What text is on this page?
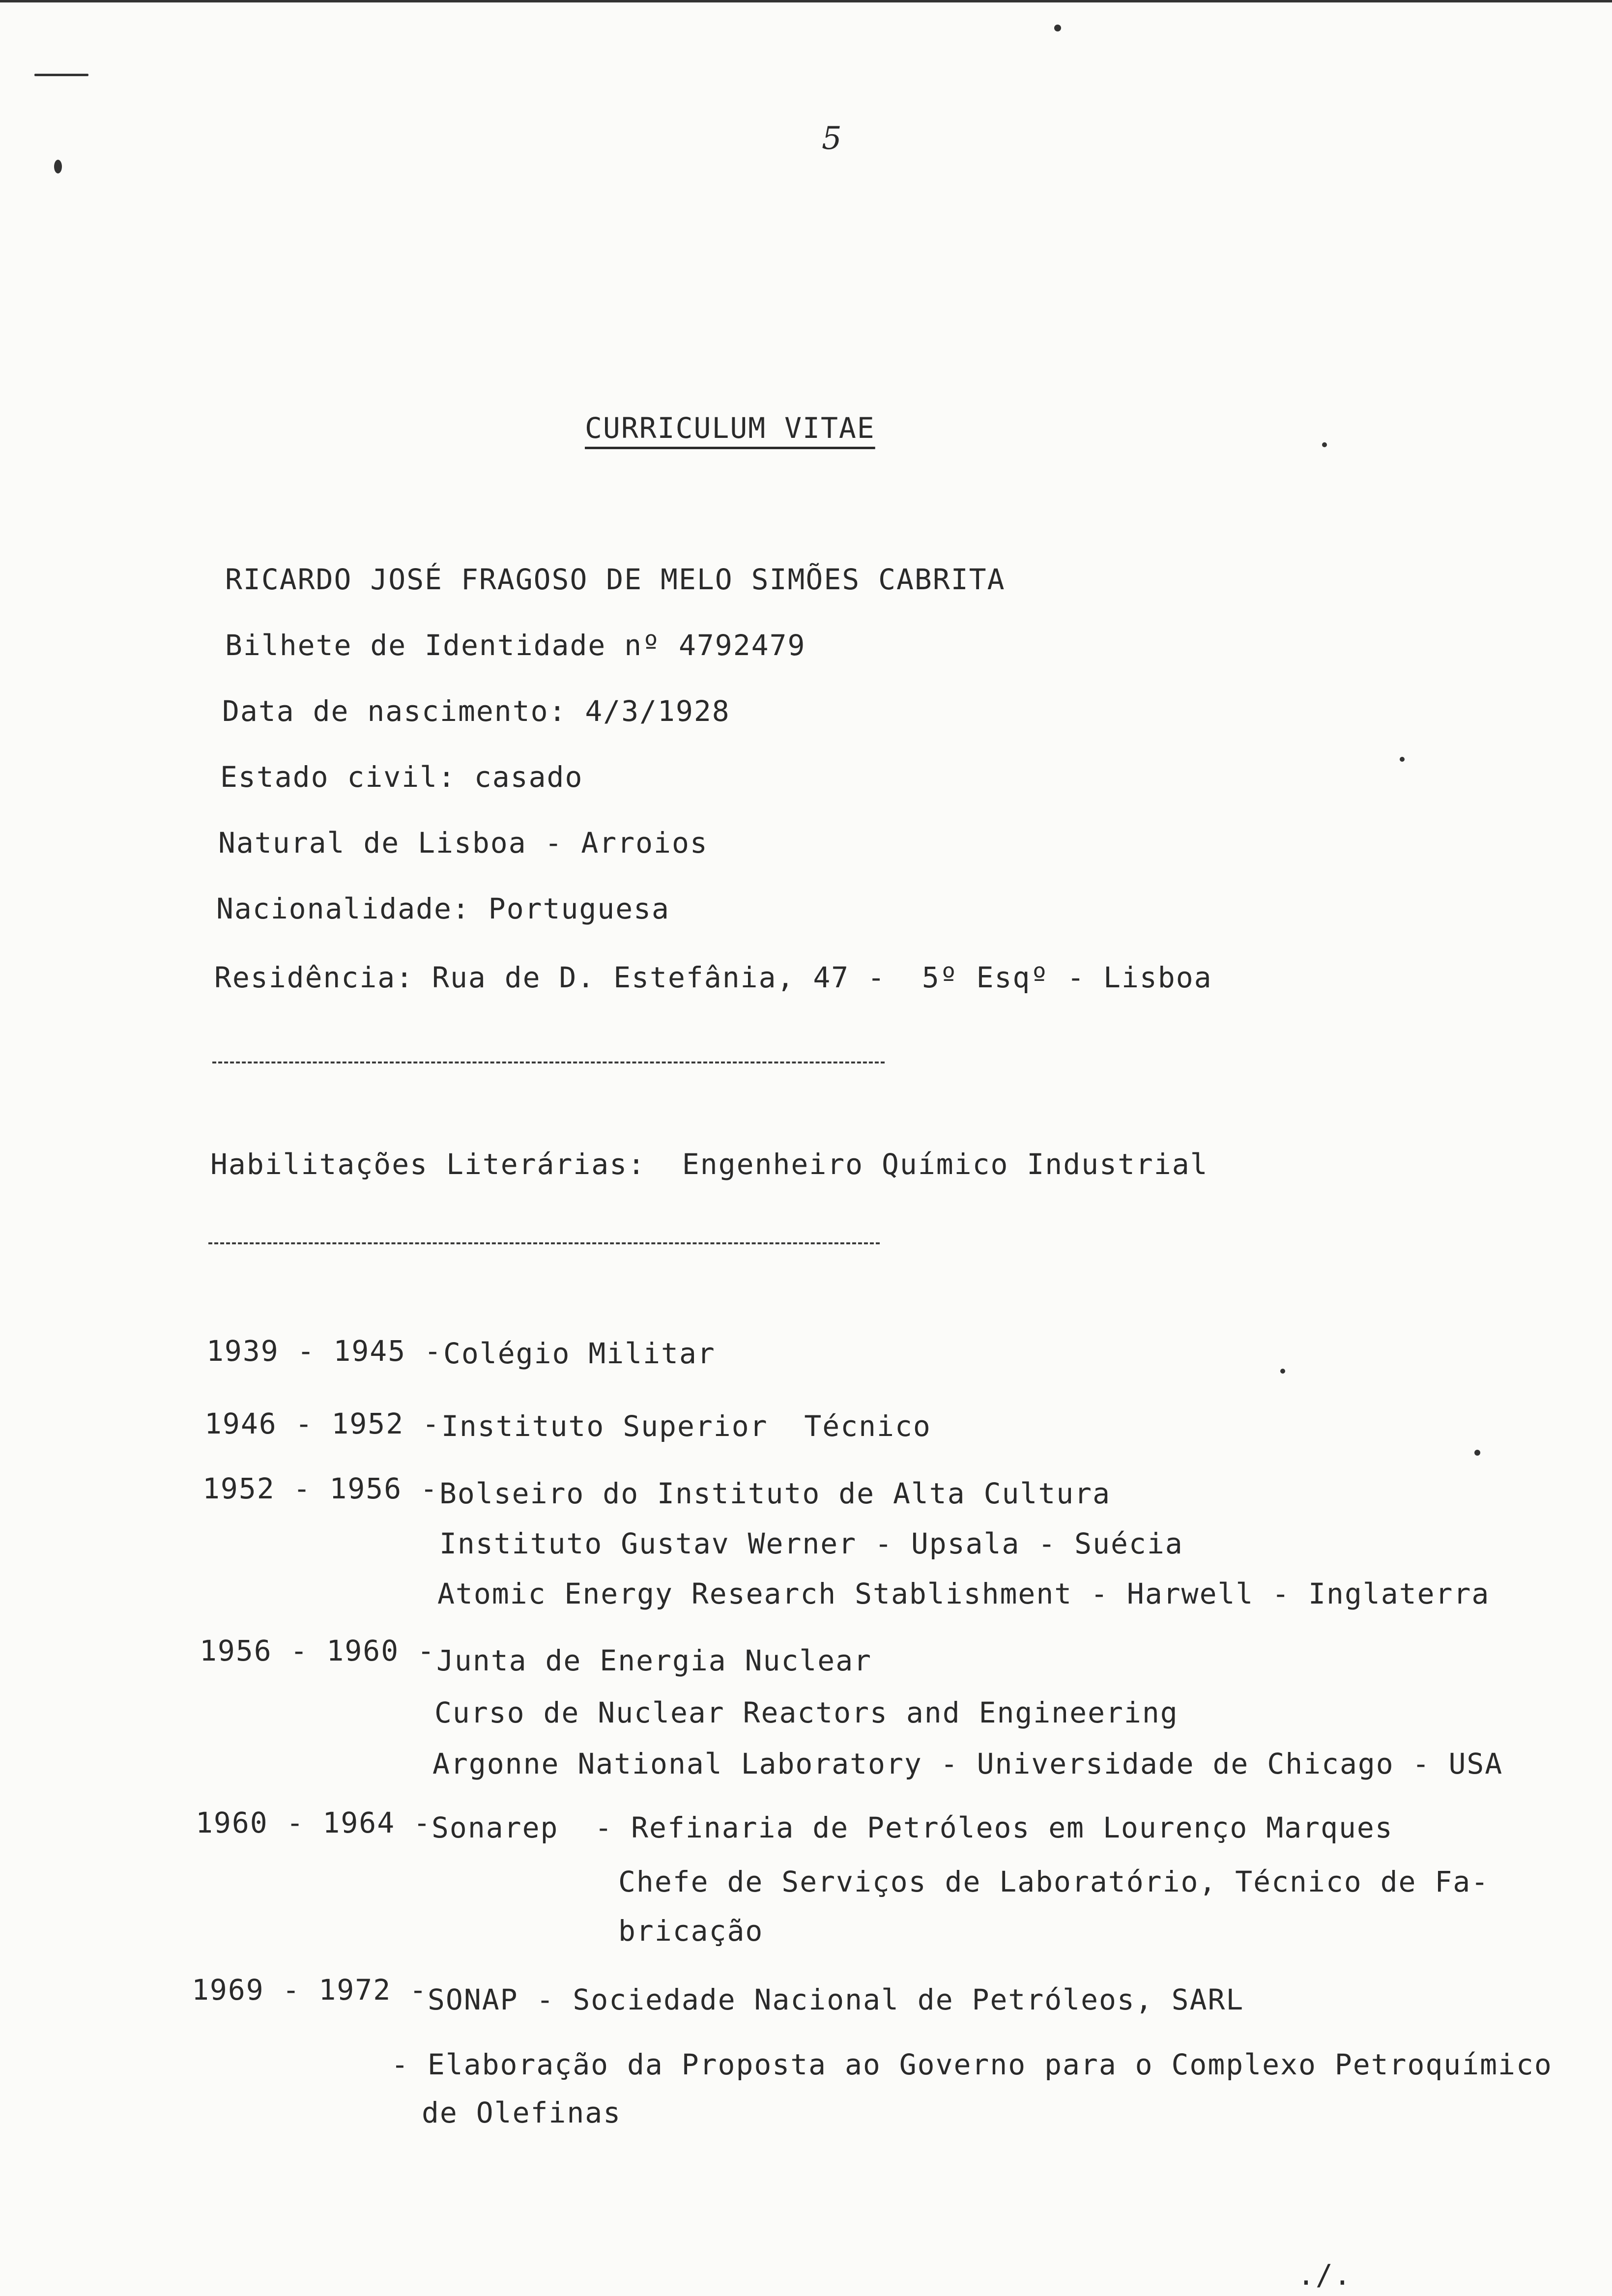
5
CURRICULUM VITAE
RICARDO JOSÉ FRAGOSO DE MELO SIMÕES CABRITA
Bilhete de Identidade nº 4792479
Data de nascimento: 4/3/1928
Estado civil: casado
Natural de Lisboa - Arroios
Nacionalidade: Portuguesa
Residência: Rua de D. Estefânia, 47 -  5º Esqº - Lisboa
Habilitações Literárias:  Engenheiro Químico Industrial
1939 - 1945 - Colégio Militar
1946 - 1952 - Instituto Superior  Técnico
1952 - 1956 - Bolseiro do Instituto de Alta Cultura
Instituto Gustav Werner - Upsala - Suécia
Atomic Energy Research Stablishment - Harwell - Inglaterra
1956 - 1960 - Junta de Energia Nuclear
Curso de Nuclear Reactors and Engineering
Argonne National Laboratory - Universidade de Chicago - USA
1960 - 1964 - Sonarep  - Refinaria de Petróleos em Lourenço Marques
Chefe de Serviços de Laboratório, Técnico de Fa-
bricação
1969 - 1972 - SONAP - Sociedade Nacional de Petróleos, SARL
- Elaboração da Proposta ao Governo para o Complexo Petroquímico
de Olefinas
./.
